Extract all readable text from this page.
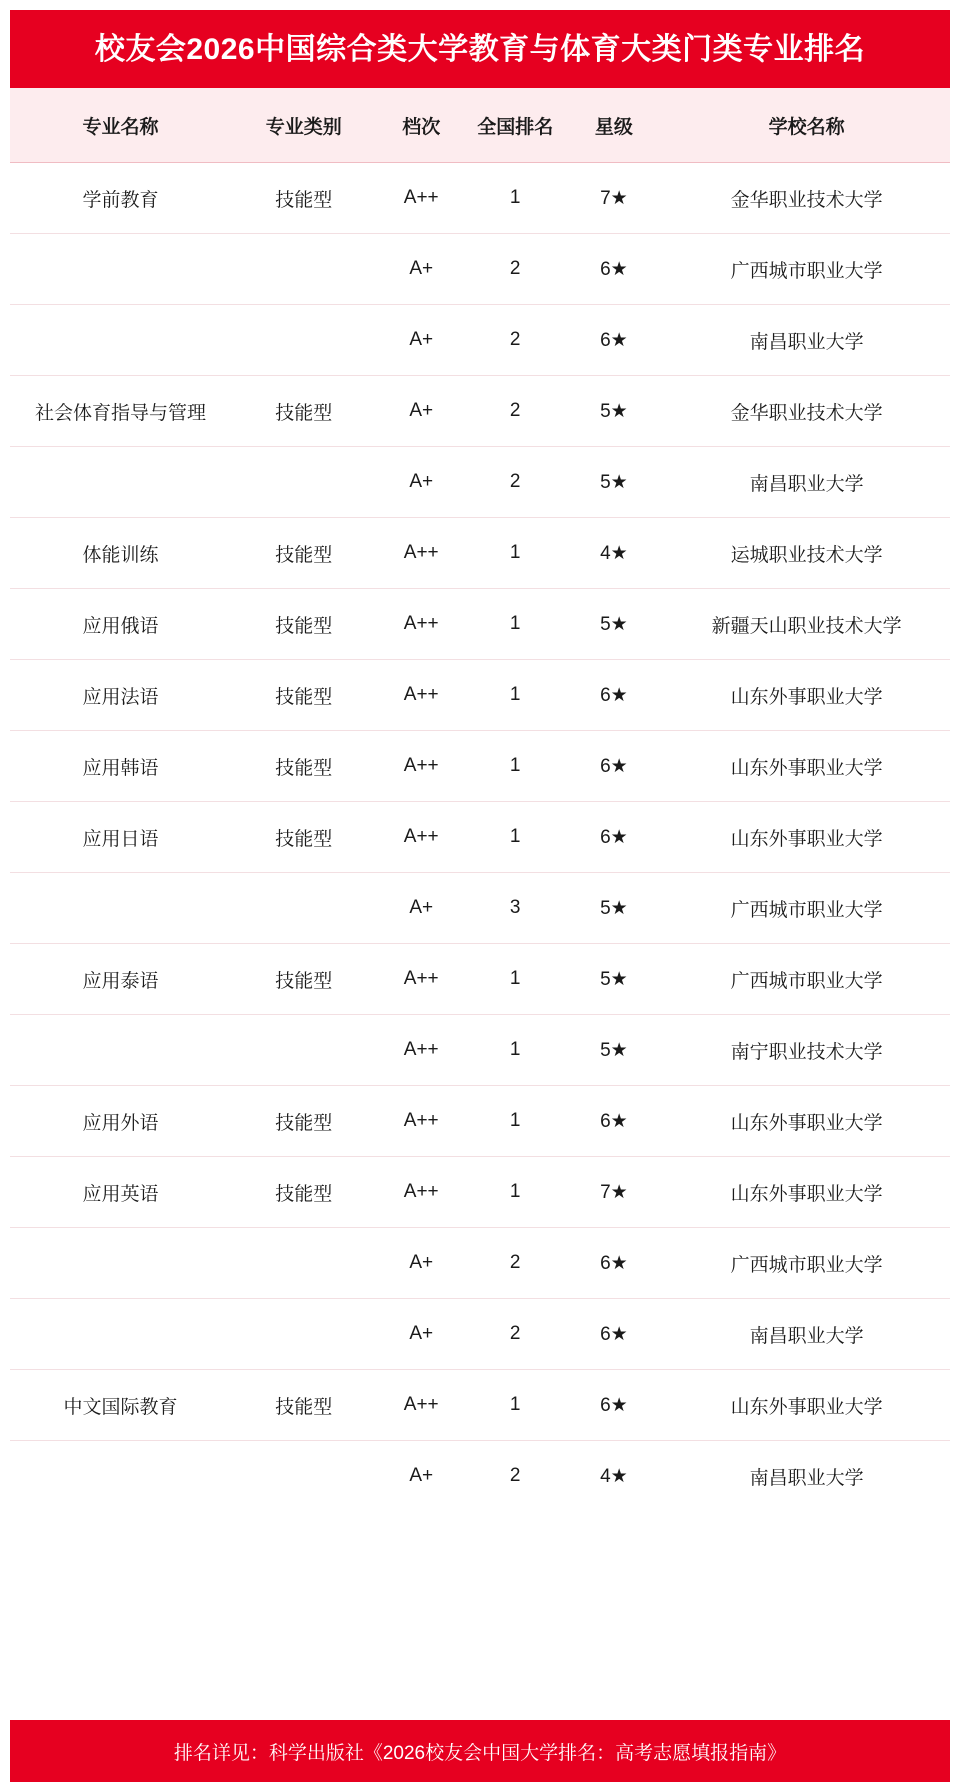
校友会2026中国综合类大学教育与体育大类门类专业排名
专业名称	专业类别	档次	全国排名	星级	学校名称
学前教育	技能型	A++	1	7★	金华职业技术大学
		A+	2	6★	广西城市职业大学
		A+	2	6★	南昌职业大学
社会体育指导与管理	技能型	A+	2	5★	金华职业技术大学
		A+	2	5★	南昌职业大学
体能训练	技能型	A++	1	4★	运城职业技术大学
应用俄语	技能型	A++	1	5★	新疆天山职业技术大学
应用法语	技能型	A++	1	6★	山东外事职业大学
应用韩语	技能型	A++	1	6★	山东外事职业大学
应用日语	技能型	A++	1	6★	山东外事职业大学
		A+	3	5★	广西城市职业大学
应用泰语	技能型	A++	1	5★	广西城市职业大学
		A++	1	5★	南宁职业技术大学
应用外语	技能型	A++	1	6★	山东外事职业大学
应用英语	技能型	A++	1	7★	山东外事职业大学
		A+	2	6★	广西城市职业大学
		A+	2	6★	南昌职业大学
中文国际教育	技能型	A++	1	6★	山东外事职业大学
		A+	2	4★	南昌职业大学
排名详见：科学出版社《2026校友会中国大学排名：高考志愿填报指南》
